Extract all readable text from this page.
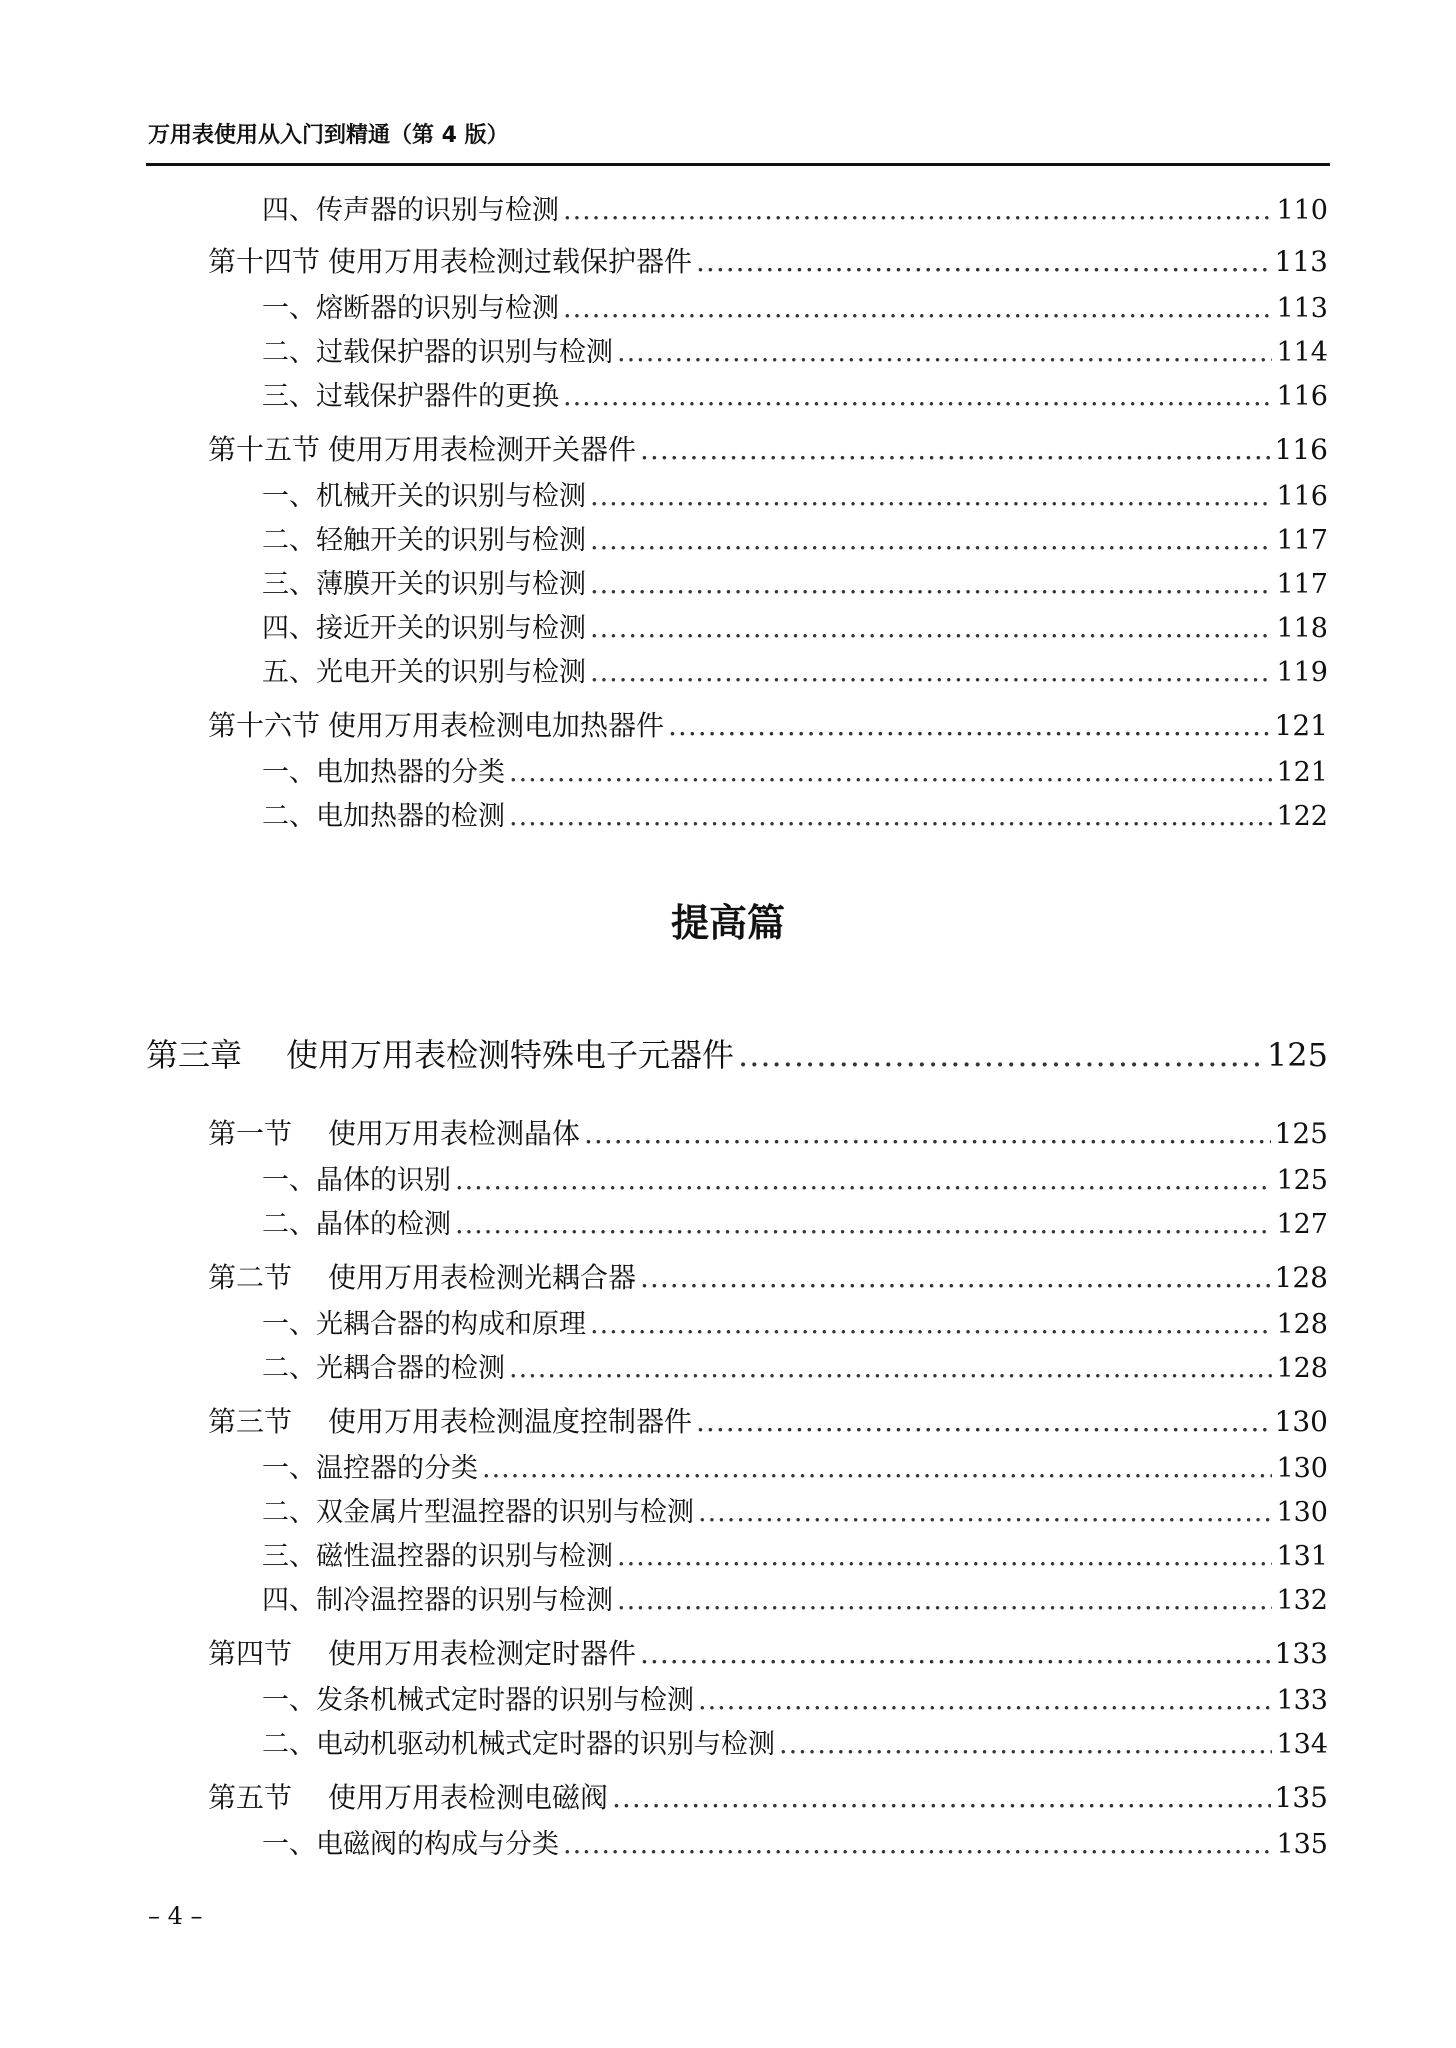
万用表使用从入门到精通（第 4 版）
四、传声器的识别与检测 .....	110
第十四节 使用万用表检测过载保护器件 .....	113
一、熔断器的识别与检测 .....	113
二、过载保护器的识别与检测 .....	114
三、过载保护器件的更换 .....	116
第十五节 使用万用表检测开关器件 .....	116
一、机械开关的识别与检测 .....	116
二、轻触开关的识别与检测 .....	117
三、薄膜开关的识别与检测 .....	117
四、接近开关的识别与检测 .....	118
五、光电开关的识别与检测 .....	119
第十六节 使用万用表检测电加热器件 .....	121
一、电加热器的分类 .....	121
二、电加热器的检测 .....	122
第三章 使用万用表检测特殊电子元器件 .....	125
第一节 使用万用表检测晶体 .....	125
一、晶体的识别 .....	125
二、晶体的检测 .....	127
第二节 使用万用表检测光耦合器 .....	128
一、光耦合器的构成和原理 .....	128
二、光耦合器的检测 .....	128
第三节 使用万用表检测温度控制器件 .....	130
一、温控器的分类 .....	130
二、双金属片型温控器的识别与检测 .....	130
三、磁性温控器的识别与检测 .....	131
四、制冷温控器的识别与检测 .....	132
第四节 使用万用表检测定时器件 .....	133
一、发条机械式定时器的识别与检测 .....	133
二、电动机驱动机械式定时器的识别与检测 .....	134
第五节 使用万用表检测电磁阀 .....	135
一、电磁阀的构成与分类 .....	135
提高篇
– 4 –
